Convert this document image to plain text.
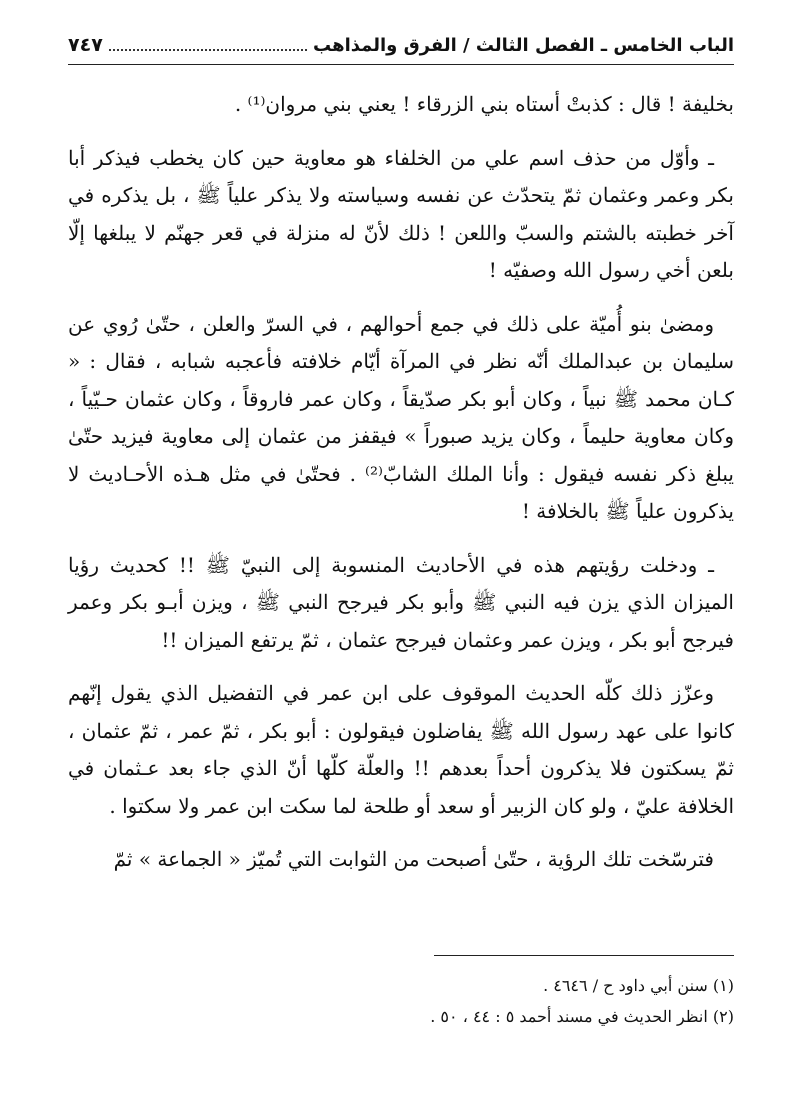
الباب الخامس ـ الفصل الثالث / الفرق والمذاهب
٧٤٧

بخليفة ! قال : كذبتْ أستاه بني الزرقاء ! يعني بني مروان⁽¹⁾ .

ـ وأوّل من حذف اسم علي من الخلفاء هو معاوية حين كان يخطب فيذكر أبا بكر وعمر وعثمان ثمّ يتحدّث عن نفسه وسياسته ولا يذكر علياً ﷺ ، بل يذكره في آخر خطبته بالشتم والسبّ واللعن ! ذلك لأنّ له منزلة في قعر جهنّم لا يبلغها إلّا بلعن أخي رسول الله وصفيّه !

ومضىٰ بنو أُميّة على ذلك في جمع أحوالهم ، في السرّ والعلن ، حتّىٰ رُوي عن سليمان بن عبدالملك أنّه نظر في المرآة أيّام خلافته فأعجبه شبابه ، فقال : « كـان محمد ﷺ نبياً ، وكان أبو بكر صدّيقاً ، وكان عمر فاروقاً ، وكان عثمان حـيّياً ، وكان معاوية حليماً ، وكان يزيد صبوراً » فيقفز من عثمان إلى معاوية فيزيد حتّىٰ يبلغ ذكر نفسه فيقول : وأنا الملك الشابّ⁽²⁾ . فحتّىٰ في مثل هـذه الأحـاديث لا يذكرون علياً ﷺ بالخلافة !

ـ ودخلت رؤيتهم هذه في الأحاديث المنسوبة إلى النبيّ ﷺ !! كحديث رؤيا الميزان الذي يزن فيه النبي ﷺ وأبو بكر فيرجح النبي ﷺ ، ويزن أبـو بكر وعمر فيرجح أبو بكر ، ويزن عمر وعثمان فيرجح عثمان ، ثمّ يرتفع الميزان !!

وعزّز ذلك كلّه الحديث الموقوف على ابن عمر في التفضيل الذي يقول إنّهم كانوا على عهد رسول الله ﷺ يفاضلون فيقولون : أبو بكر ، ثمّ عمر ، ثمّ عثمان ، ثمّ يسكتون فلا يذكرون أحداً بعدهم !! والعلّة كلّها أنّ الذي جاء بعد عـثمان في الخلافة عليّ ، ولو كان الزبير أو سعد أو طلحة لما سكت ابن عمر ولا سكتوا .

فترسّخت تلك الرؤية ، حتّىٰ أصبحت من الثوابت التي تُميّز « الجماعة » ثمّ

(١) سنن أبي داود ح / ٤٦٤٦ .
(٢) انظر الحديث في مسند أحمد ٥ : ٤٤ ، ٥٠ .
